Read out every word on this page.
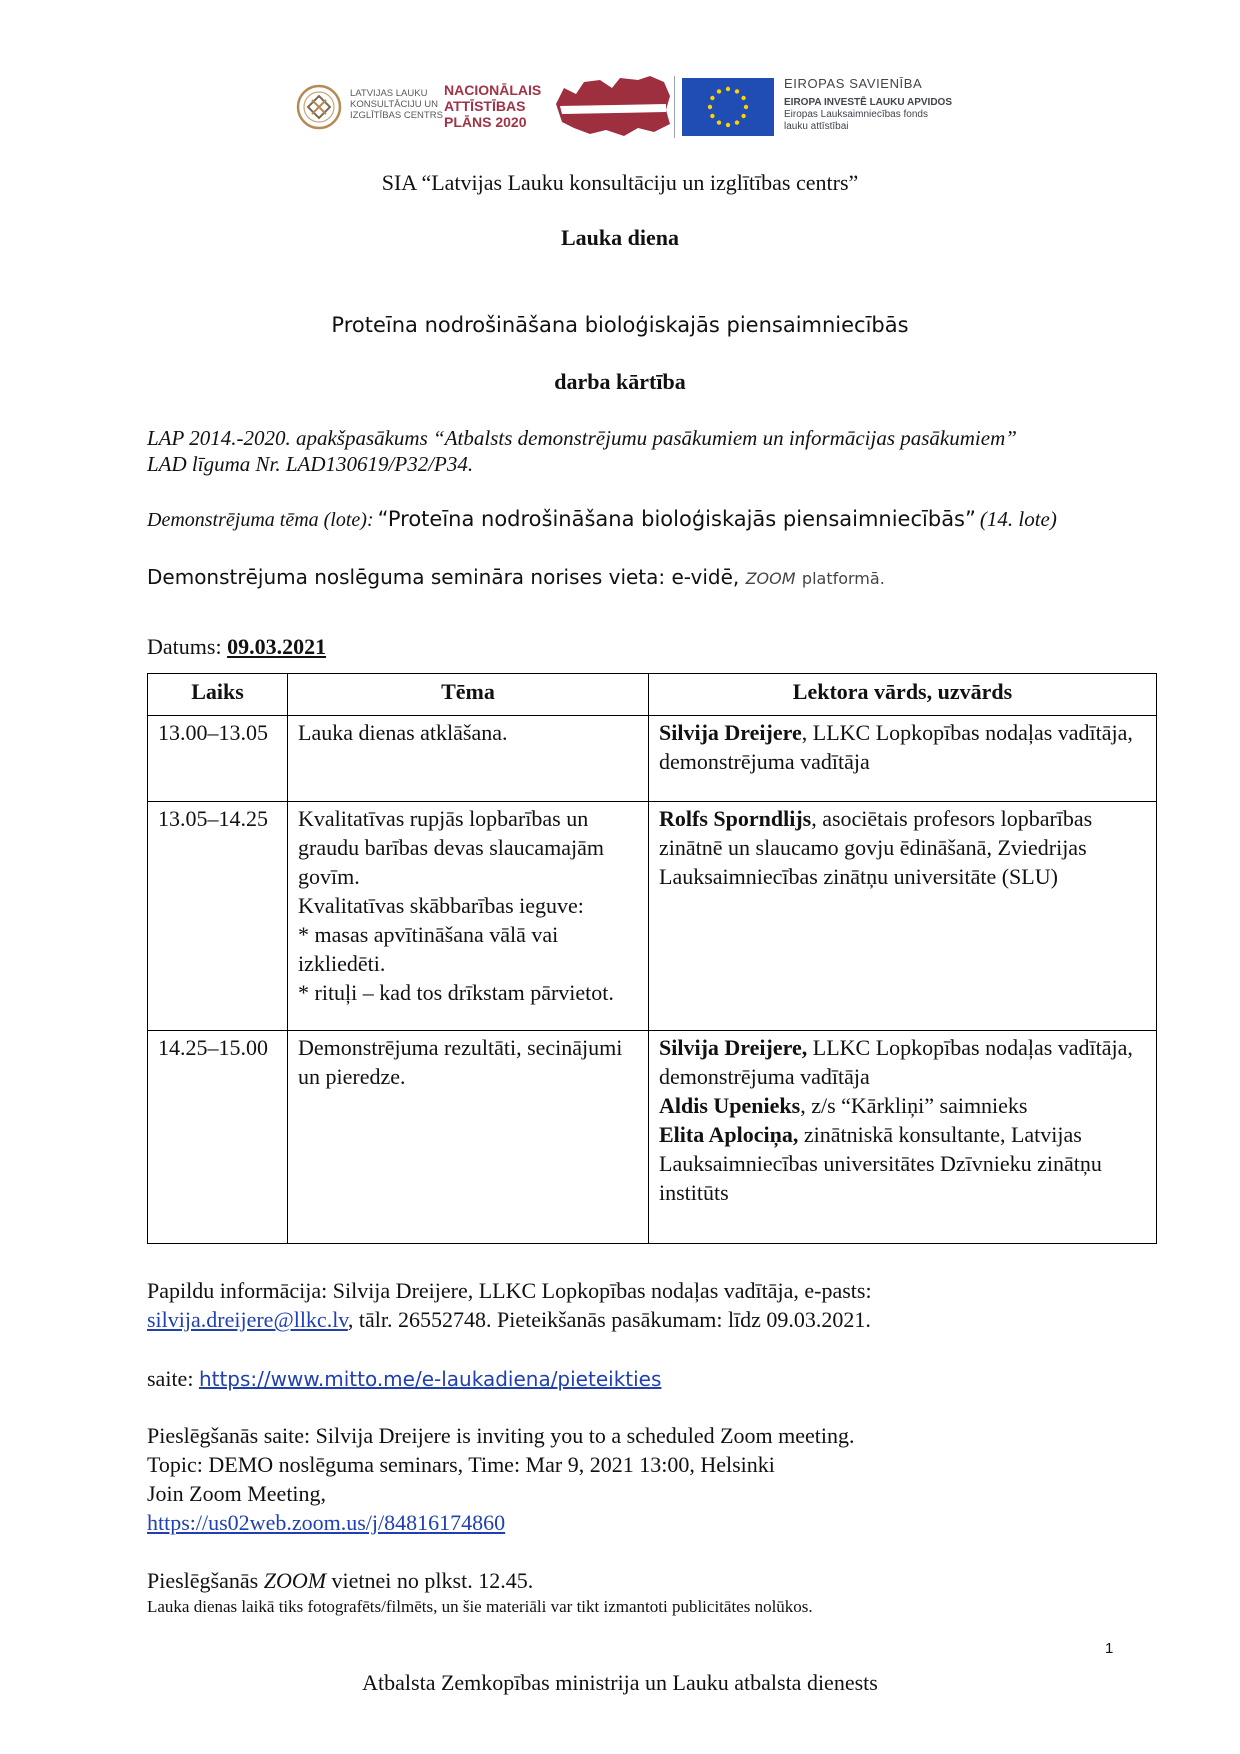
LATVIJAS LAUKU KONSULTĀCIJU UN IZGLĪTĪBAS CENTRS
NACIONĀLAIS
ATTĪSTĪBAS
PLĀNS 2020
EIROPAS SAVIENĪBA
EIROPA INVESTĒ LAUKU APVIDOS
Eiropas Lauksaimniecības fonds
lauku attīstībai
SIA “Latvijas Lauku konsultāciju un izglītības centrs”
Lauka diena
Proteīna nodrošināšana bioloģiskajās piensaimniecībās
darba kārtība
LAP 2014.-2020. apakšpasākums “Atbalsts demonstrējumu pasākumiem un informācijas pasākumiem”
LAD līguma Nr. LAD130619/P32/P34.
Demonstrējuma tēma (lote): “Proteīna nodrošināšana bioloģiskajās piensaimniecībās” (14. lote)
Demonstrējuma noslēguma semināra norises vieta: e-vidē, ZOOM platformā.
Datums: 09.03.2021
Laiks	Tēma	Lektora vārds, uzvārds
13.00–13.05	Lauka dienas atklāšana.	Silvija Dreijere, LLKC Lopkopības nodaļas vadītāja, demonstrējuma vadītāja

13.05–14.25	Kvalitatīvas rupjās lopbarības un graudu barības devas slaucamajām govīm.
Kvalitatīvas skābbarības ieguve:
* masas apvītināšana vālā vai izkliedēti.
* rituļi – kad tos drīkstam pārvietot.	Rolfs Sporndlijs, asociētais profesors lopbarības zinātnē un slaucamo govju ēdināšanā, Zviedrijas Lauksaimniecības zinātņu universitāte (SLU)

14.25–15.00	Demonstrējuma rezultāti, secinājumi un pieredze.	Silvija Dreijere, LLKC Lopkopības nodaļas vadītāja, demonstrējuma vadītāja
Aldis Upenieks, z/s “Kārkliņi” saimnieks
Elita Aplociņa, zinātniskā konsultante, Latvijas Lauksaimniecības universitātes Dzīvnieku zinātņu institūts
Papildu informācija: Silvija Dreijere, LLKC Lopkopības nodaļas vadītāja, e-pasts:
silvija.dreijere@llkc.lv, tālr. 26552748. Pieteikšanās pasākumam: līdz 09.03.2021.
saite: https://www.mitto.me/e-laukadiena/pieteikties
Pieslēgšanās saite: Silvija Dreijere is inviting you to a scheduled Zoom meeting.
Topic: DEMO noslēguma seminars, Time: Mar 9, 2021 13:00, Helsinki
Join Zoom Meeting,
https://us02web.zoom.us/j/84816174860
Pieslēgšanās ZOOM vietnei no plkst. 12.45.
Lauka dienas laikā tiks fotografēts/filmēts, un šie materiāli var tikt izmantoti publicitātes nolūkos.
1
Atbalsta Zemkopības ministrija un Lauku atbalsta dienests
